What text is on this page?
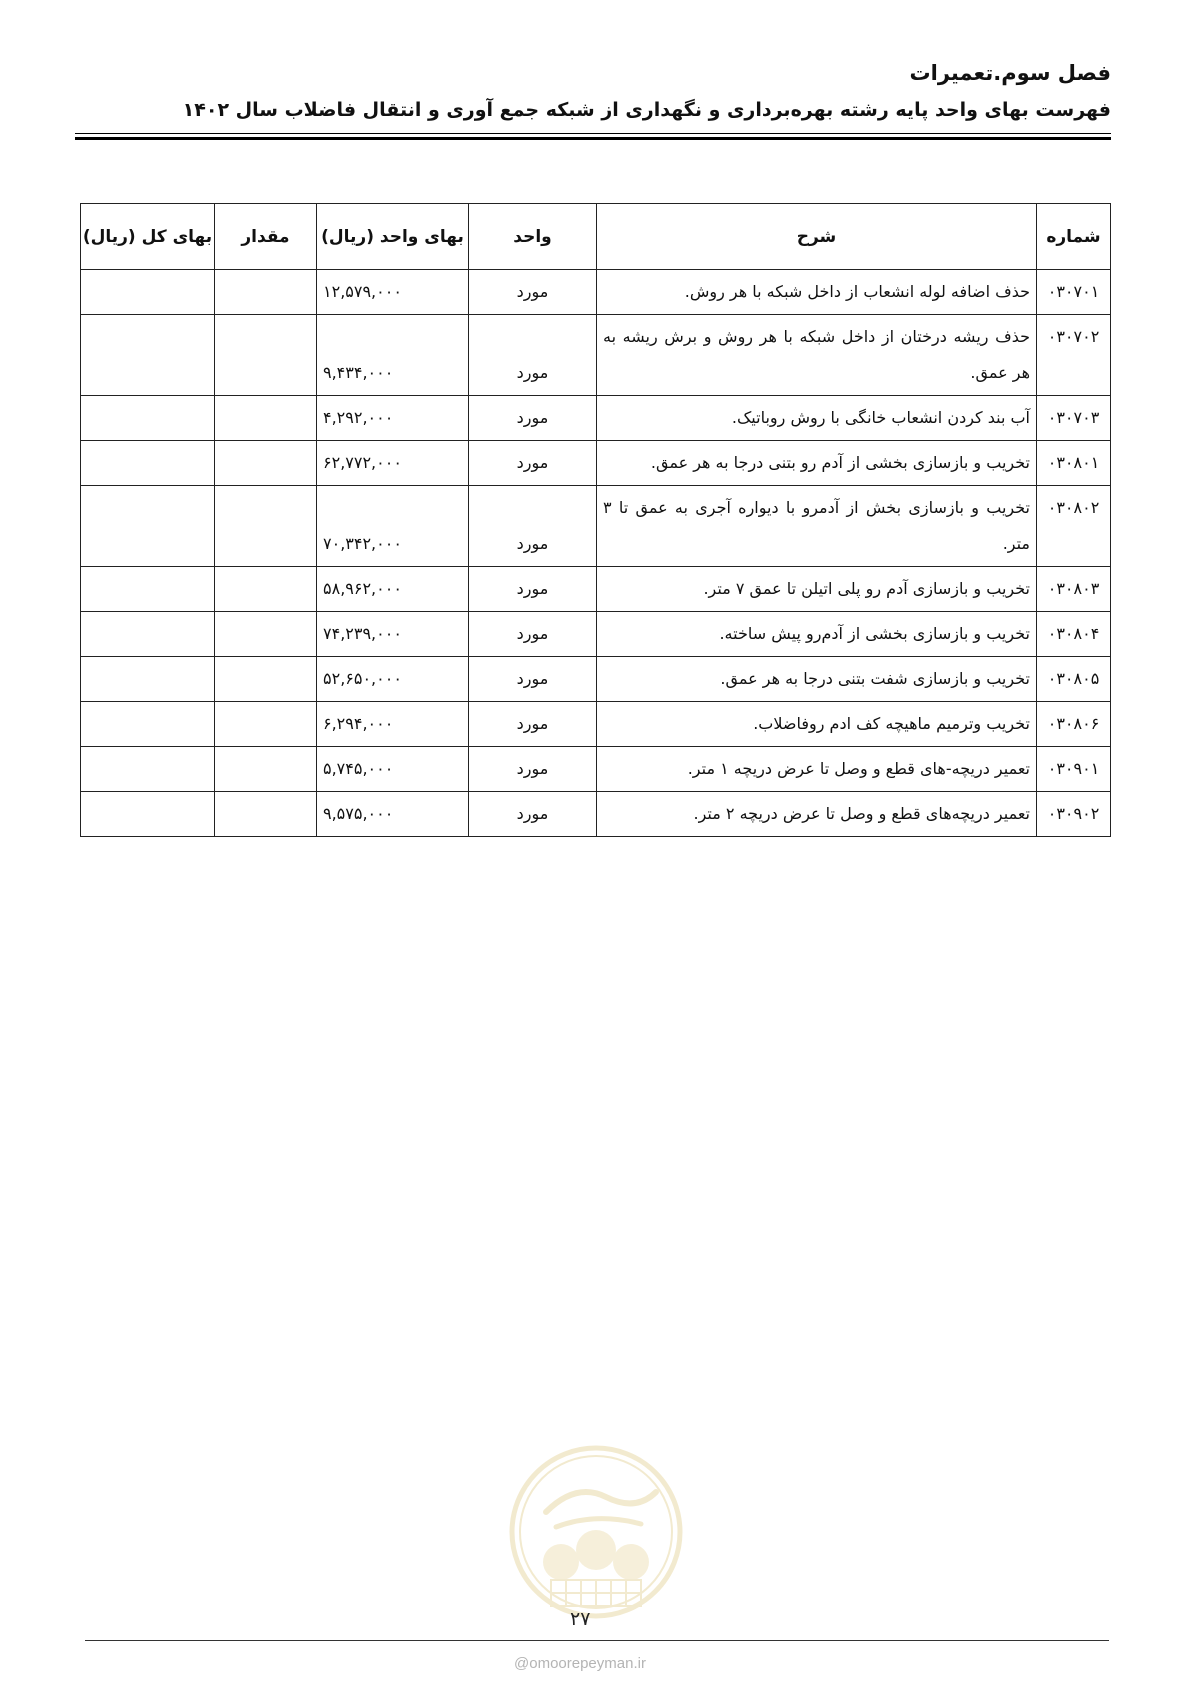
فصل سوم.تعمیرات
فهرست بهای واحد پایه رشته بهره‌برداری و نگهداری از شبکه جمع آوری و انتقال فاضلاب سال ۱۴۰۲
شماره	شرح	واحد	بهای واحد (ریال)	مقدار	بهای کل (ریال)
۰۳۰۷۰۱	حذف اضافه لوله انشعاب از داخل شبکه با هر روش.	مورد	۱۲,۵۷۹,۰۰۰		
۰۳۰۷۰۲	حذف ریشه درختان از داخل شبکه با هر روش و برش ریشه به هر عمق.	مورد	۹,۴۳۴,۰۰۰		
۰۳۰۷۰۳	آب بند کردن انشعاب خانگی با روش روباتیک.	مورد	۴,۲۹۲,۰۰۰		
۰۳۰۸۰۱	تخریب و بازسازی بخشی از آدم رو بتنی درجا به هر عمق.	مورد	۶۲,۷۷۲,۰۰۰		
۰۳۰۸۰۲	تخریب و بازسازی بخش از آدمرو با دیواره آجری به عمق تا ۳ متر.	مورد	۷۰,۳۴۲,۰۰۰		
۰۳۰۸۰۳	تخریب و بازسازی آدم رو پلی اتیلن تا عمق ۷ متر.	مورد	۵۸,۹۶۲,۰۰۰		
۰۳۰۸۰۴	تخریب و بازسازی بخشی از آدم‌رو پیش ساخته.	مورد	۷۴,۲۳۹,۰۰۰		
۰۳۰۸۰۵	تخریب و بازسازی شفت بتنی درجا به هر عمق.	مورد	۵۲,۶۵۰,۰۰۰		
۰۳۰۸۰۶	تخریب وترمیم ماهیچه کف ادم روفاضلاب.	مورد	۶,۲۹۴,۰۰۰		
۰۳۰۹۰۱	تعمیر دریچه-های قطع و وصل تا عرض دریچه ۱ متر.	مورد	۵,۷۴۵,۰۰۰		
۰۳۰۹۰۲	تعمیر دریچه‌های قطع و وصل تا عرض دریچه ۲ متر.	مورد	۹,۵۷۵,۰۰۰		
۲۷
@omoorepeyman.ir
